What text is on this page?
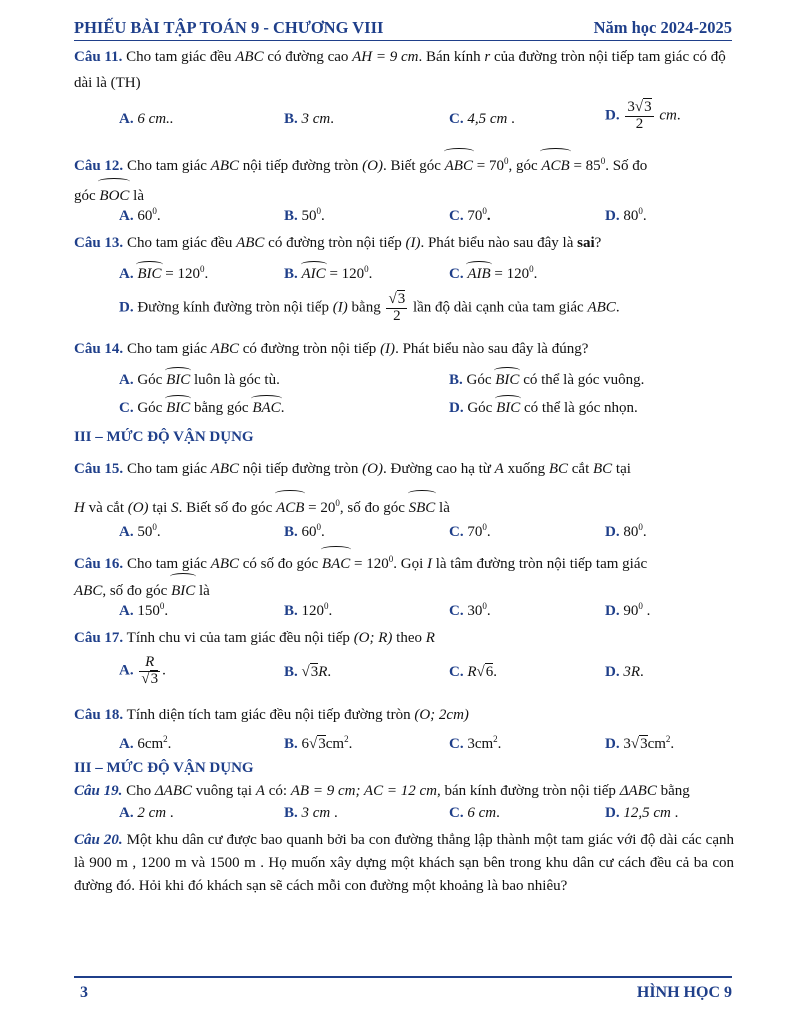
PHIẾU BÀI TẬP TOÁN 9 - CHƯƠNG VIII	Năm học 2024-2025
Câu 11. Cho tam giác đều ABC có đường cao AH = 9 cm. Bán kính r của đường tròn nội tiếp tam giác có độ dài là (TH)
A. 6 cm..	B. 3 cm.	C. 4,5 cm .	D. $\frac{3√3}{2}$ cm.
Câu 12. Cho tam giác ABC nội tiếp đường tròn (O). Biết góc ABC = $70^0$, góc ACB = $85^0$. Số đo
góc BOC là
A. $60^0$.	B. $50^0$.	C. $70^0$.	D. $80^0$.
Câu 13. Cho tam giác đều ABC có đường tròn nội tiếp (I). Phát biểu nào sau đây là sai?
A. BIC = $120^0$.	B. AIC = $120^0$.	C. AIB = $120^0$.
D. Đường kính đường tròn nội tiếp (I) bằng $\frac{√3}{2}$ lần độ dài cạnh của tam giác ABC.
Câu 14. Cho tam giác ABC có đường tròn nội tiếp (I). Phát biểu nào sau đây là đúng?
A. Góc BIC luôn là góc tù.	B. Góc BIC có thể là góc vuông.
C. Góc BIC bằng góc BAC.	D. Góc BIC có thể là góc nhọn.
III – MỨC ĐỘ VẬN DỤNG
Câu 15. Cho tam giác ABC nội tiếp đường tròn (O). Đường cao hạ từ A xuống BC cắt BC tại
H và cắt (O) tại S. Biết số đo góc ACB = $20^0$, số đo góc SBC là
A. $50^0$.	B. $60^0$.	C. $70^0$.	D. $80^0$.
Câu 16. Cho tam giác ABC có số đo góc BAC = $120^0$. Gọi I là tâm đường tròn nội tiếp tam giác
ABC, số đo góc BIC là
A. $150^0$.	B. $120^0$.	C. $30^0$.	D. $90^0$ .
Câu 17. Tính chu vi của tam giác đều nội tiếp (O; R) theo R
A. $\frac{R}{√3}$ .	B. √3R.	C. R√6.	D. 3R.
Câu 18. Tính diện tích tam giác đều nội tiếp đường tròn (O; 2cm)
A. $6cm^2$.	B. $6√3cm^2$.	C. $3cm^2$.	D. $3√3cm^2$.
III – MỨC ĐỘ VẬN DỤNG
Câu 19. Cho ΔABC vuông tại A có: AB = 9 cm; AC = 12 cm, bán kính đường tròn nội tiếp ΔABC bằng
A. 2 cm .	B. 3 cm .	C. 6 cm.	D. 12,5 cm .
Câu 20. Một khu dân cư được bao quanh bởi ba con đường thẳng lập thành một tam giác với độ dài các cạnh là 900 m , 1200 m và 1500 m . Họ muốn xây dựng một khách sạn bên trong khu dân cư cách đều cả ba con đường đó. Hỏi khi đó khách sạn sẽ cách mỗi con đường một khoảng là bao nhiêu?
3	HÌNH HỌC 9
